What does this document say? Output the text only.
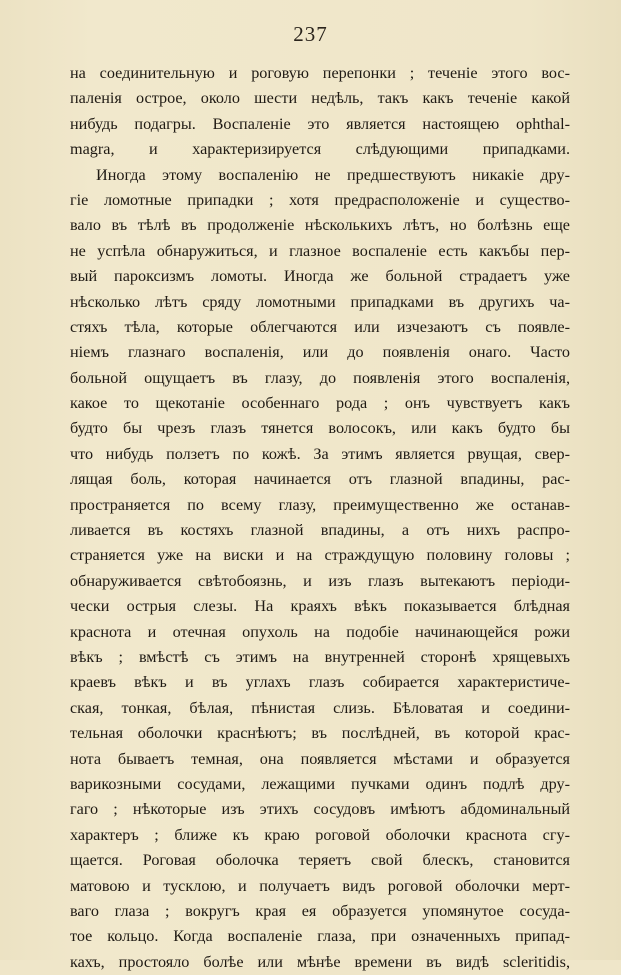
237
на соединительную и роговую перепонки ; теченіе этого вос-
паленія острое, около шести недѣль, такъ какъ теченіе какой
нибудь подагры. Воспаленіе это является настоящею ophthal-
magra, и характеризируется слѣдующими припадками.
Иногда этому воспаленію не предшествуютъ никакіе дру-
гіе ломотные припадки ; хотя предрасположеніе и существо-
вало въ тѣлѣ въ продолженіе нѣсколькихъ лѣтъ, но болѣзнь еще
не успѣла обнаружиться, и глазное воспаленіе есть какъбы пер-
вый пароксизмъ ломоты. Иногда же больной страдаетъ уже
нѣсколько лѣтъ сряду ломотными припадками въ другихъ ча-
стяхъ тѣла, которые облегчаются или изчезаютъ съ появле-
ніемъ глазнаго воспаленія, или до появленія онаго. Часто
больной ощущаетъ въ глазу, до появленія этого воспаленія,
какое то щекотаніе особеннаго рода ; онъ чувствуетъ какъ
будто бы чрезъ глазъ тянется волосокъ, или какъ будто бы
что нибудь ползетъ по кожѣ. За этимъ является рвущая, свер-
лящая боль, которая начинается отъ глазной впадины, рас-
пространяется по всему глазу, преимущественно же останав-
ливается въ костяхъ глазной впадины, а отъ нихъ распро-
страняется уже на виски и на страждущую половину головы ;
обнаруживается свѣтобоязнь, и изъ глазъ вытекаютъ періоди-
чески острыя слезы. На краяхъ вѣкъ показывается блѣдная
краснота и отечная опухоль на подобіе начинающейся рожи
вѣкъ ; вмѣстѣ съ этимъ на внутренней сторонѣ хрящевыхъ
краевъ вѣкъ и въ углахъ глазъ собирается характеристиче-
ская, тонкая, бѣлая, пѣнистая слизь. Бѣловатая и соедини-
тельная оболочки краснѣютъ; въ послѣдней, въ которой крас-
нота бываетъ темная, она появляется мѣстами и образуется
варикозными сосудами, лежащими пучками одинъ подлѣ дру-
гаго ; нѣкоторые изъ этихъ сосудовъ имѣютъ абдоминальный
характеръ ; ближе къ краю роговой оболочки краснота сгу-
щается. Роговая оболочка теряетъ свой блескъ, становится
матовою и тусклою, и получаетъ видъ роговой оболочки мерт-
ваго глаза ; вокругъ края ея образуется упомянутое сосуда-
тое кольцо. Когда воспаленіе глаза, при означенныхъ припад-
кахъ, простояло болѣе или мѣнѣе времени въ видѣ scleritidis,
